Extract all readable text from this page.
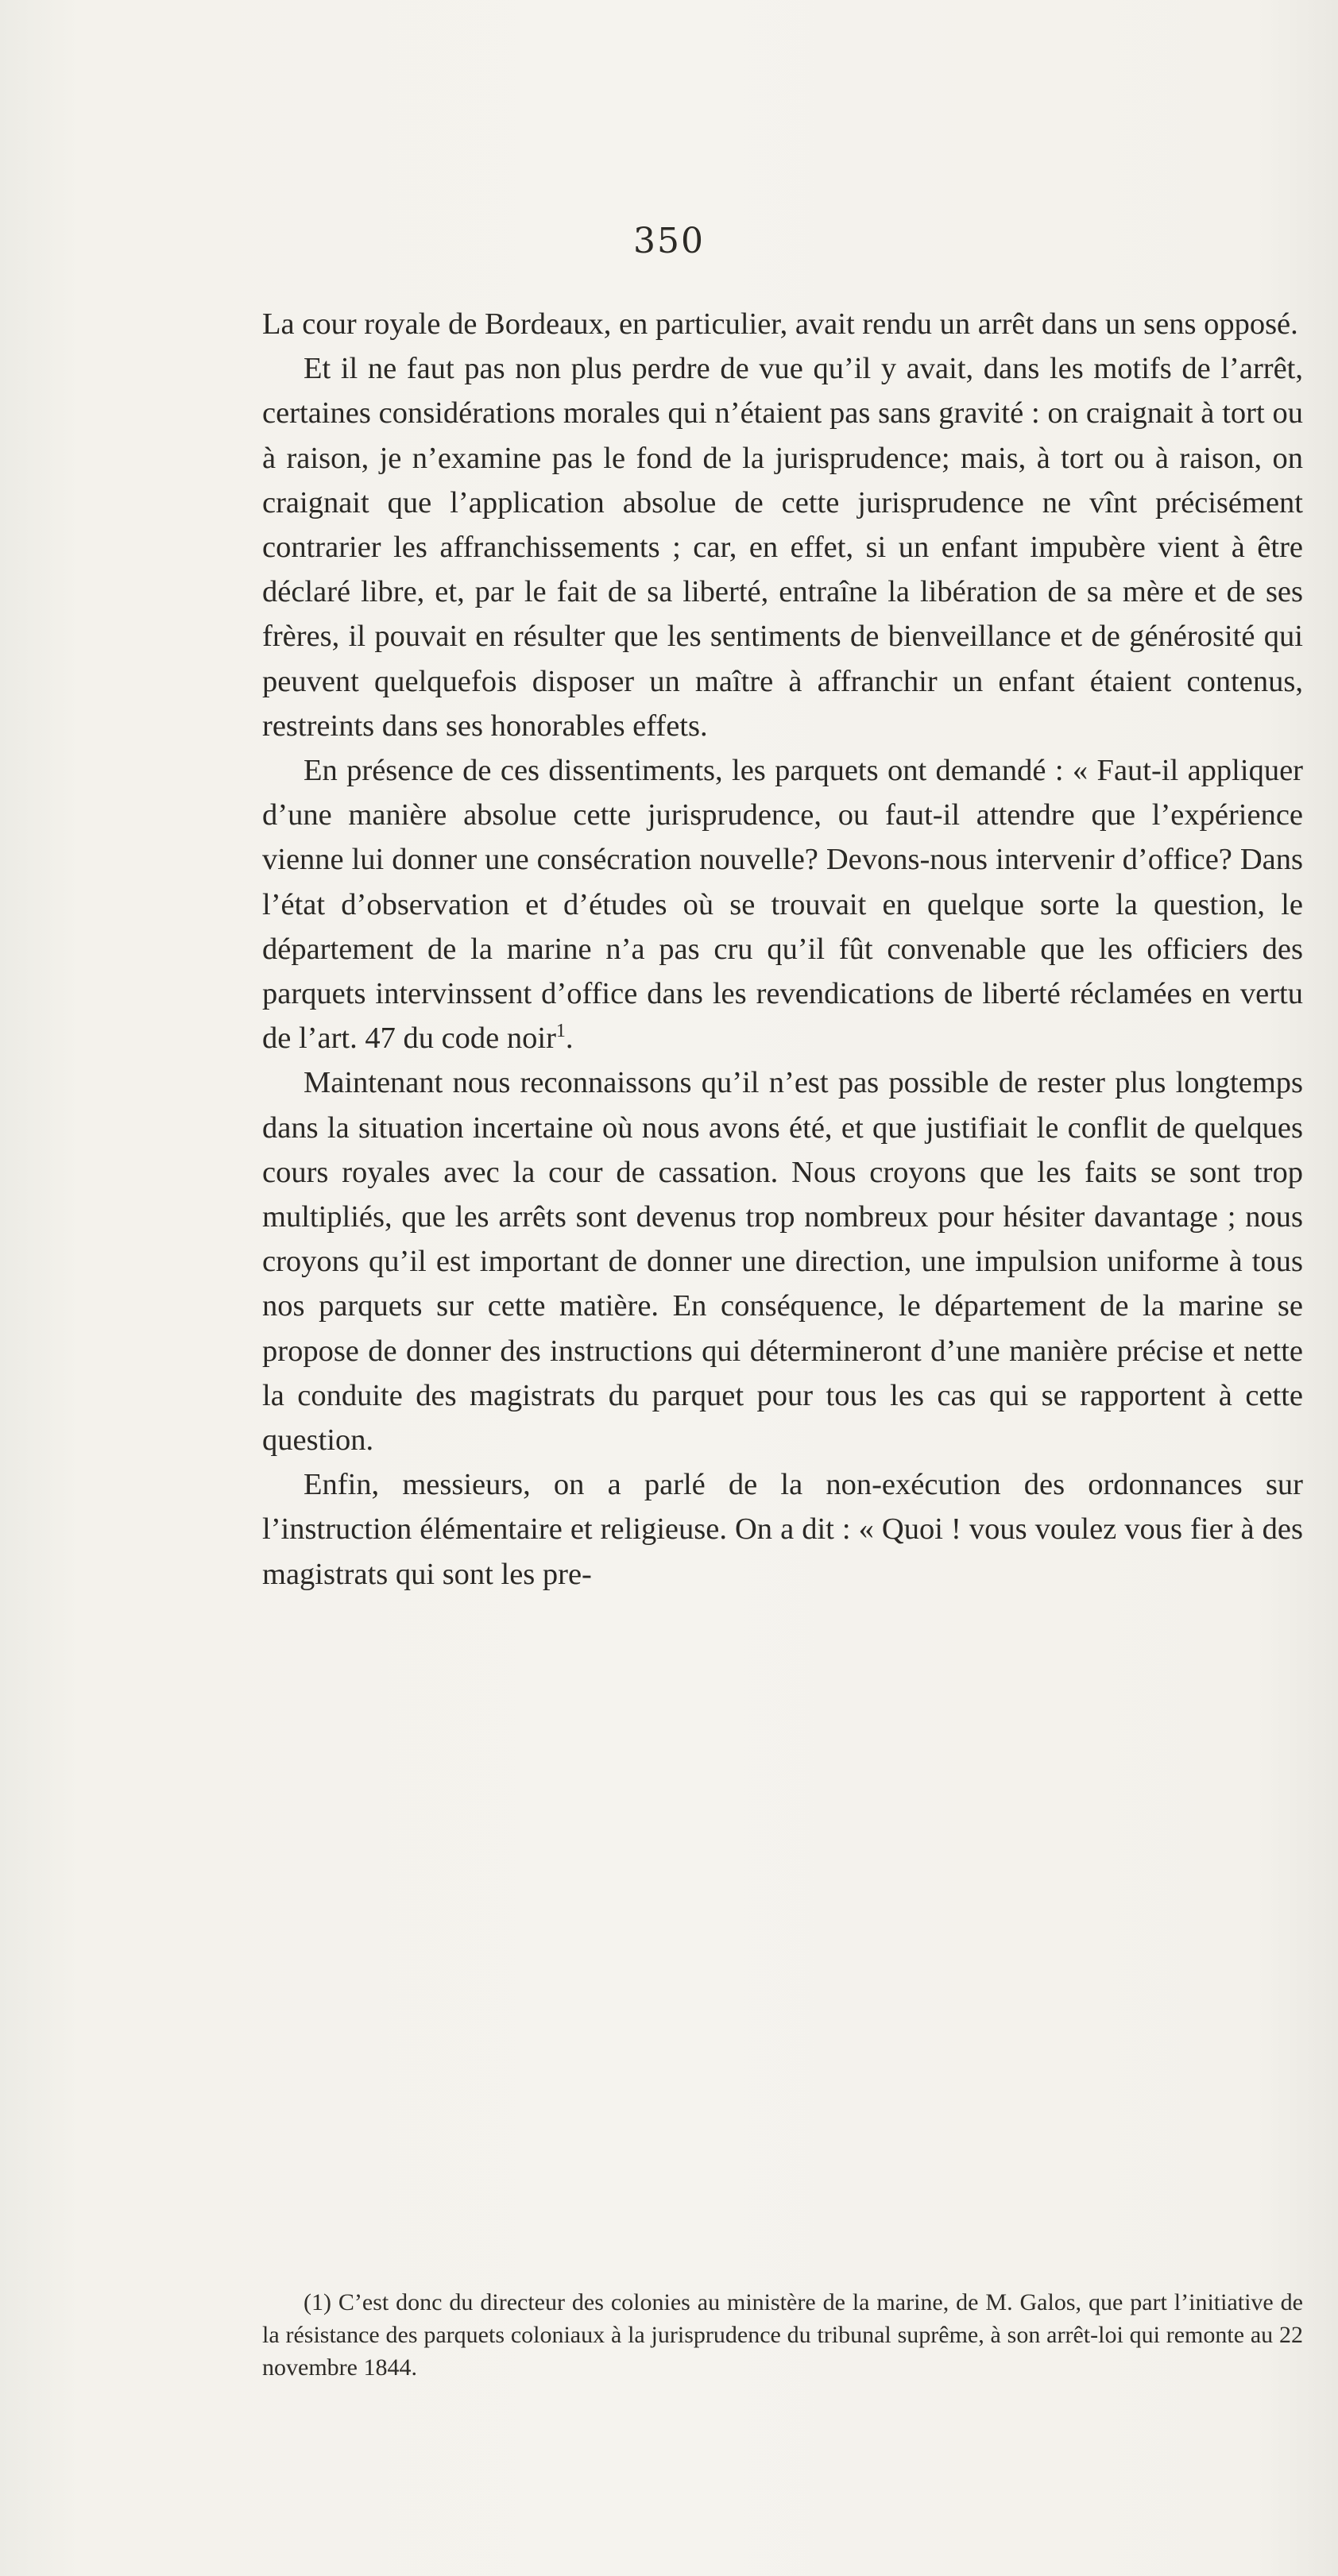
350

La cour royale de Bordeaux, en particulier, avait rendu un arrêt dans un sens opposé.

Et il ne faut pas non plus perdre de vue qu’il y avait, dans les motifs de l’arrêt, certaines considérations morales qui n’étaient pas sans gravité : on craignait à tort ou à raison, je n’examine pas le fond de la jurisprudence; mais, à tort ou à raison, on craignait que l’application absolue de cette jurisprudence ne vînt précisément contrarier les affranchissements ; car, en effet, si un enfant impubère vient à être déclaré libre, et, par le fait de sa liberté, entraîne la libération de sa mère et de ses frères, il pouvait en résulter que les sentiments de bienveillance et de générosité qui peuvent quelquefois disposer un maître à affranchir un enfant étaient contenus, restreints dans ses honorables effets.

En présence de ces dissentiments, les parquets ont demandé : « Faut-il appliquer d’une manière absolue cette jurisprudence, ou faut-il attendre que l’expérience vienne lui donner une consécration nouvelle? Devons-nous intervenir d’office? Dans l’état d’observation et d’études où se trouvait en quelque sorte la question, le département de la marine n’a pas cru qu’il fût convenable que les officiers des parquets intervinssent d’office dans les revendications de liberté réclamées en vertu de l’art. 47 du code noir$^1$.

Maintenant nous reconnaissons qu’il n’est pas possible de rester plus longtemps dans la situation incertaine où nous avons été, et que justifiait le conflit de quelques cours royales avec la cour de cassation. Nous croyons que les faits se sont trop multipliés, que les arrêts sont devenus trop nombreux pour hésiter davantage ; nous croyons qu’il est important de donner une direction, une impulsion uniforme à tous nos parquets sur cette matière. En conséquence, le département de la marine se propose de donner des instructions qui détermineront d’une manière précise et nette la conduite des magistrats du parquet pour tous les cas qui se rapportent à cette question.

Enfin, messieurs, on a parlé de la non-exécution des ordonnances sur l’instruction élémentaire et religieuse. On a dit : « Quoi ! vous voulez vous fier à des magistrats qui sont les pre-

(1) C’est donc du directeur des colonies au ministère de la marine, de M. Galos, que part l’initiative de la résistance des parquets coloniaux à la jurisprudence du tribunal suprême, à son arrêt-loi qui remonte au 22 novembre 1844.
